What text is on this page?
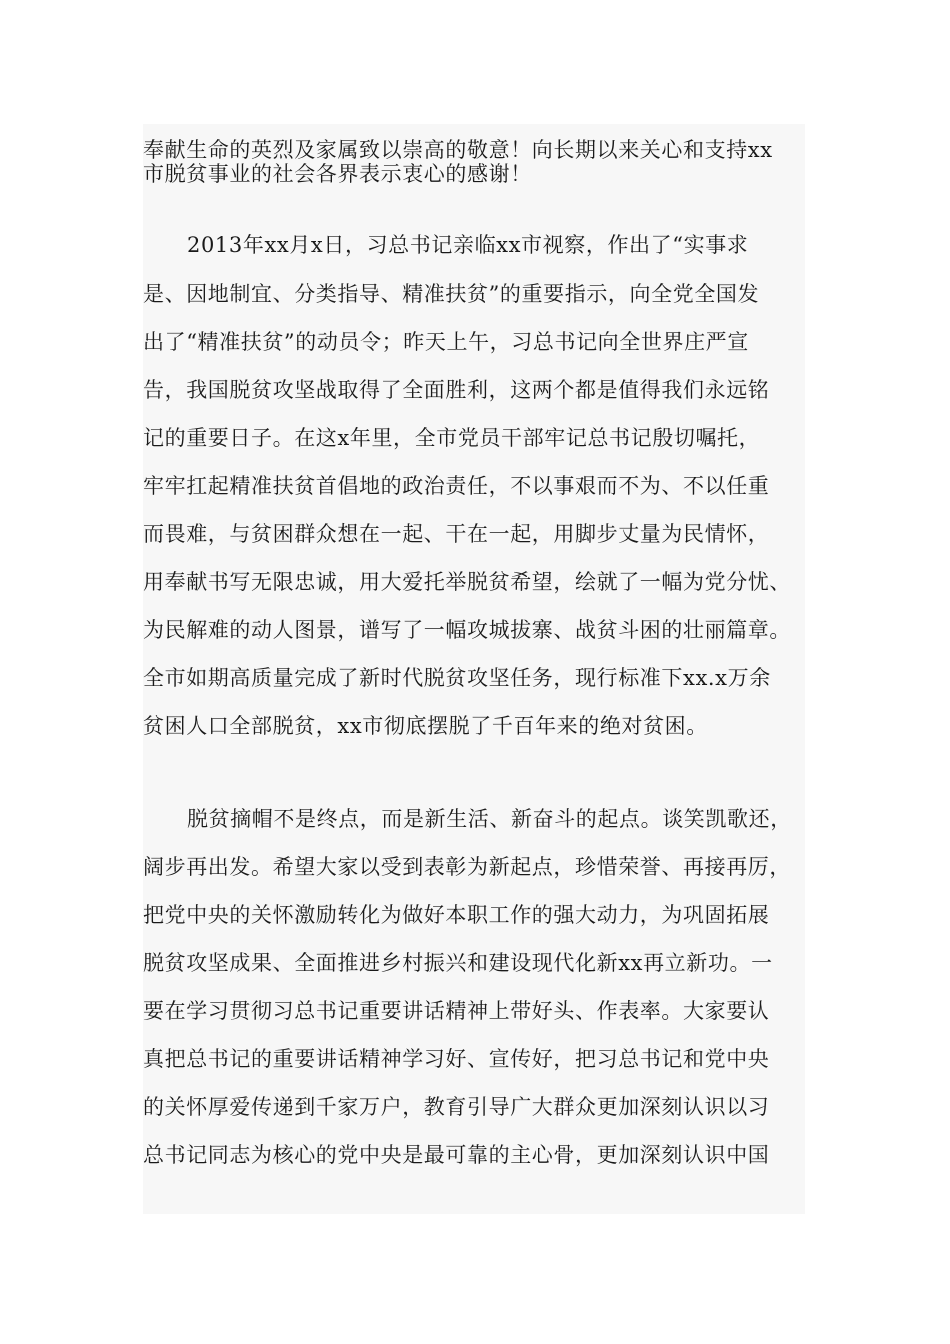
奉献生命的英烈及家属致以崇高的敬意！向长期以来关心和支持xx
市脱贫事业的社会各界表示衷心的感谢！
2013年xx月x日，习总书记亲临xx市视察，作出了“实事求
是、因地制宜、分类指导、精准扶贫”的重要指示，向全党全国发
出了“精准扶贫”的动员令；昨天上午，习总书记向全世界庄严宣
告，我国脱贫攻坚战取得了全面胜利，这两个都是值得我们永远铭
记的重要日子。在这x年里，全市党员干部牢记总书记殷切嘱托，
牢牢扛起精准扶贫首倡地的政治责任，不以事艰而不为、不以任重
而畏难，与贫困群众想在一起、干在一起，用脚步丈量为民情怀，
用奉献书写无限忠诚，用大爱托举脱贫希望，绘就了一幅为党分忧、
为民解难的动人图景，谱写了一幅攻城拔寨、战贫斗困的壮丽篇章。
全市如期高质量完成了新时代脱贫攻坚任务，现行标准下xx.x万余
贫困人口全部脱贫，xx市彻底摆脱了千百年来的绝对贫困。
脱贫摘帽不是终点，而是新生活、新奋斗的起点。谈笑凯歌还，
阔步再出发。希望大家以受到表彰为新起点，珍惜荣誉、再接再厉，
把党中央的关怀激励转化为做好本职工作的强大动力，为巩固拓展
脱贫攻坚成果、全面推进乡村振兴和建设现代化新xx再立新功。一
要在学习贯彻习总书记重要讲话精神上带好头、作表率。大家要认
真把总书记的重要讲话精神学习好、宣传好，把习总书记和党中央
的关怀厚爱传递到千家万户，教育引导广大群众更加深刻认识以习
总书记同志为核心的党中央是最可靠的主心骨，更加深刻认识中国
